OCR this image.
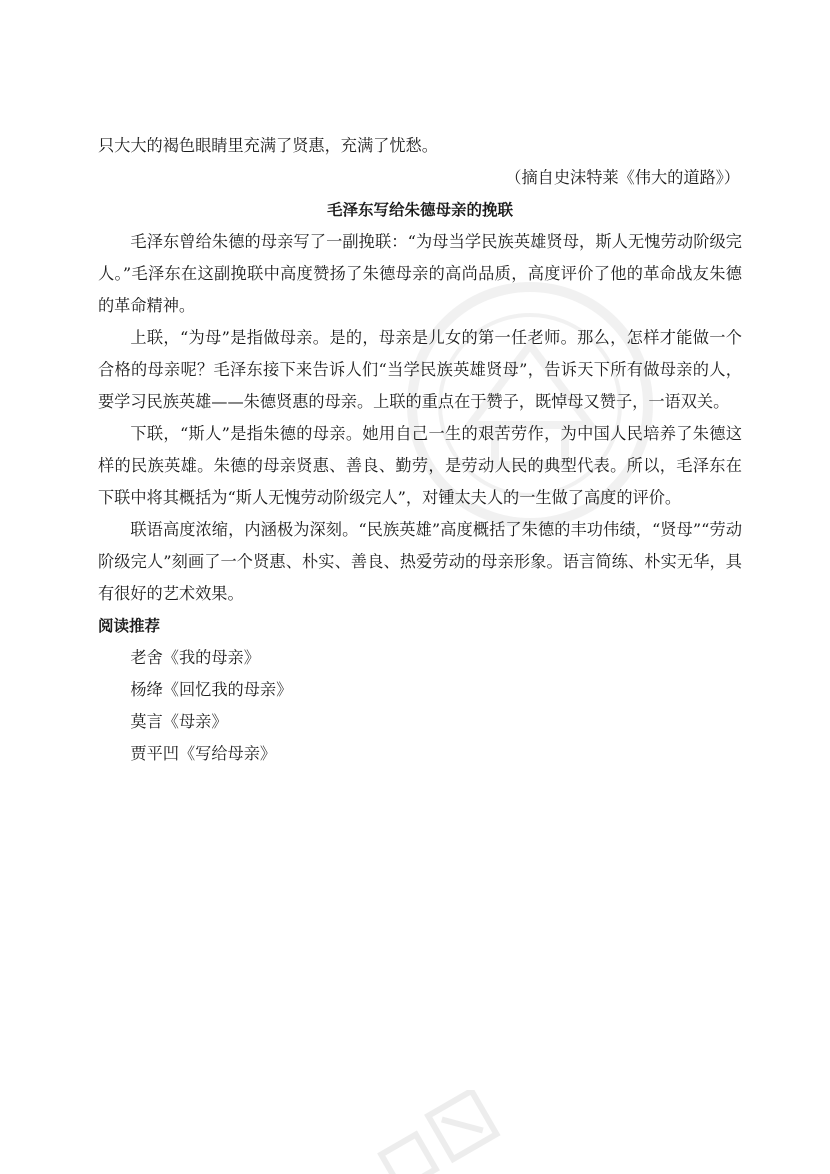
只大大的褐色眼睛里充满了贤惠，充满了忧愁。

（摘自史沫特莱《伟大的道路》）

毛泽东写给朱德母亲的挽联

毛泽东曾给朱德的母亲写了一副挽联：“为母当学民族英雄贤母，斯人无愧劳动阶级完人。”毛泽东在这副挽联中高度赞扬了朱德母亲的高尚品质，高度评价了他的革命战友朱德的革命精神。

上联，“为母”是指做母亲。是的，母亲是儿女的第一任老师。那么，怎样才能做一个合格的母亲呢？毛泽东接下来告诉人们“当学民族英雄贤母”，告诉天下所有做母亲的人，要学习民族英雄——朱德贤惠的母亲。上联的重点在于赞子，既悼母又赞子，一语双关。

下联，“斯人”是指朱德的母亲。她用自己一生的艰苦劳作，为中国人民培养了朱德这样的民族英雄。朱德的母亲贤惠、善良、勤劳，是劳动人民的典型代表。所以，毛泽东在下联中将其概括为“斯人无愧劳动阶级完人”，对锺太夫人的一生做了高度的评价。

联语高度浓缩，内涵极为深刻。“民族英雄”高度概括了朱德的丰功伟绩，“贤母”“劳动阶级完人”刻画了一个贤惠、朴实、善良、热爱劳动的母亲形象。语言简练、朴实无华，具有很好的艺术效果。

阅读推荐

老舍《我的母亲》
杨绛《回忆我的母亲》
莫言《母亲》
贾平凹《写给母亲》
